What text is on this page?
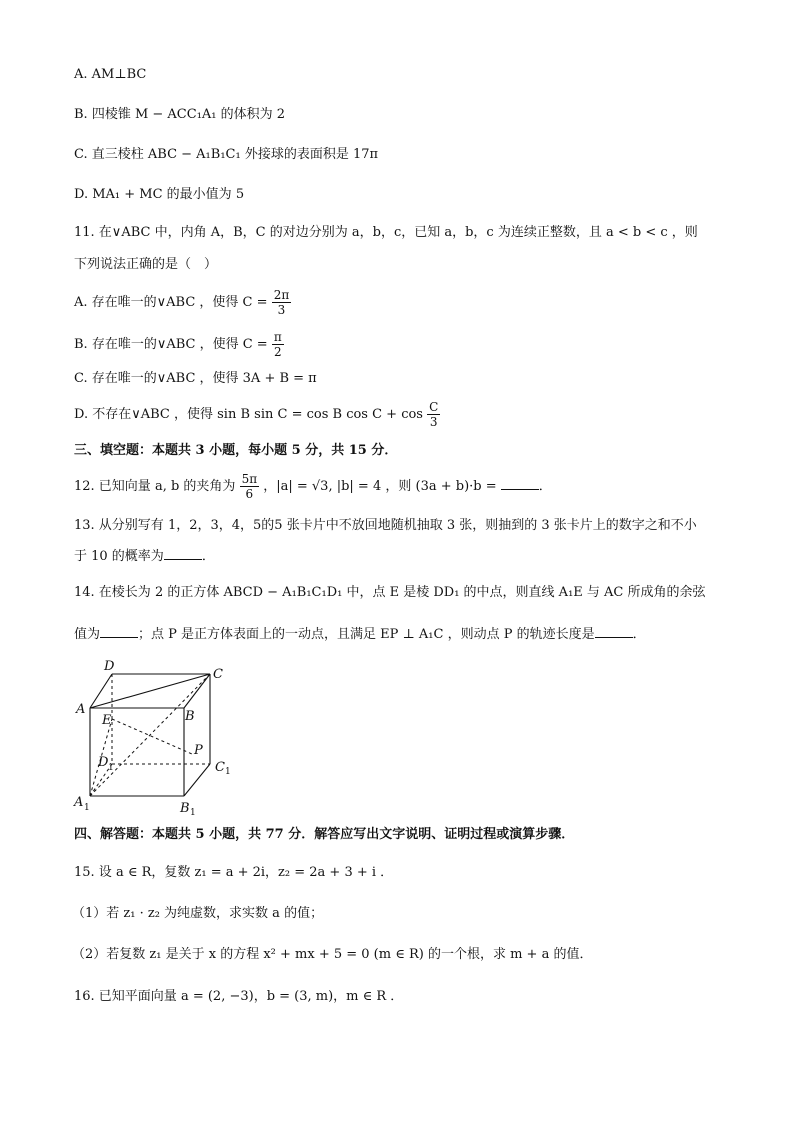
A. AM⊥BC
B. 四棱锥 M − ACC₁A₁ 的体积为 2
C. 直三棱柱 ABC − A₁B₁C₁ 外接球的表面积是 17π
D. MA₁ + MC 的最小值为 5
11. 在∨ABC 中，内角 A，B，C 的对边分别为 a，b，c，已知 a，b，c 为连续正整数，且 a < b < c ，则
下列说法正确的是（　）
A. 存在唯一的∨ABC ，使得 $C = \frac{2\pi}{3}$
B. 存在唯一的∨ABC ，使得 $C = \frac{\pi}{2}$
C. 存在唯一的∨ABC ，使得 3A + B = π
D. 不存在∨ABC ，使得 sin B sin C = cos B $\cos C + \cos \frac{C}{3}$
三、填空题：本题共 3 小题，每小题 5 分，共 15 分．
12. 已知向量 a, b 的夹角为 $\frac{5\pi}{6}$ ，|a| = √3, |b| = 4 ，则 (3a + b)·b =	．
13. 从分别写有 1，2，3，4，5的5 张卡片中不放回地随机抽取 3 张，则抽到的 3 张卡片上的数字之和不小
于 10 的概率为	．
14. 在棱长为 2 的正方体 ABCD − A₁B₁C₁D₁ 中，点 E 是棱 DD₁ 的中点，则直线 A₁E 与 AC 所成角的余弦
值为	；点 P 是正方体表面上的一动点，且满足 EP ⊥ A₁C ，则动点 P 的轨迹长度是	．
D
C
A	B
E
P
D 1	C 1
A 1	B 1
四、解答题：本题共 5 小题，共 77 分．解答应写出文字说明、证明过程或演算步骤．
15. 设 a ∈ R，复数 z₁ = a + 2i，z₂ = 2a + 3 + i ．
（1）若 z₁ · z₂ 为纯虚数，求实数 a 的值；
（2）若复数 z₁ 是关于 x 的方程 x² + mx + 5 = 0 (m ∈ R) 的一个根，求 m + a 的值．
16. 已知平面向量 a = (2, −3)，b = (3, m)，m ∈ R ．
